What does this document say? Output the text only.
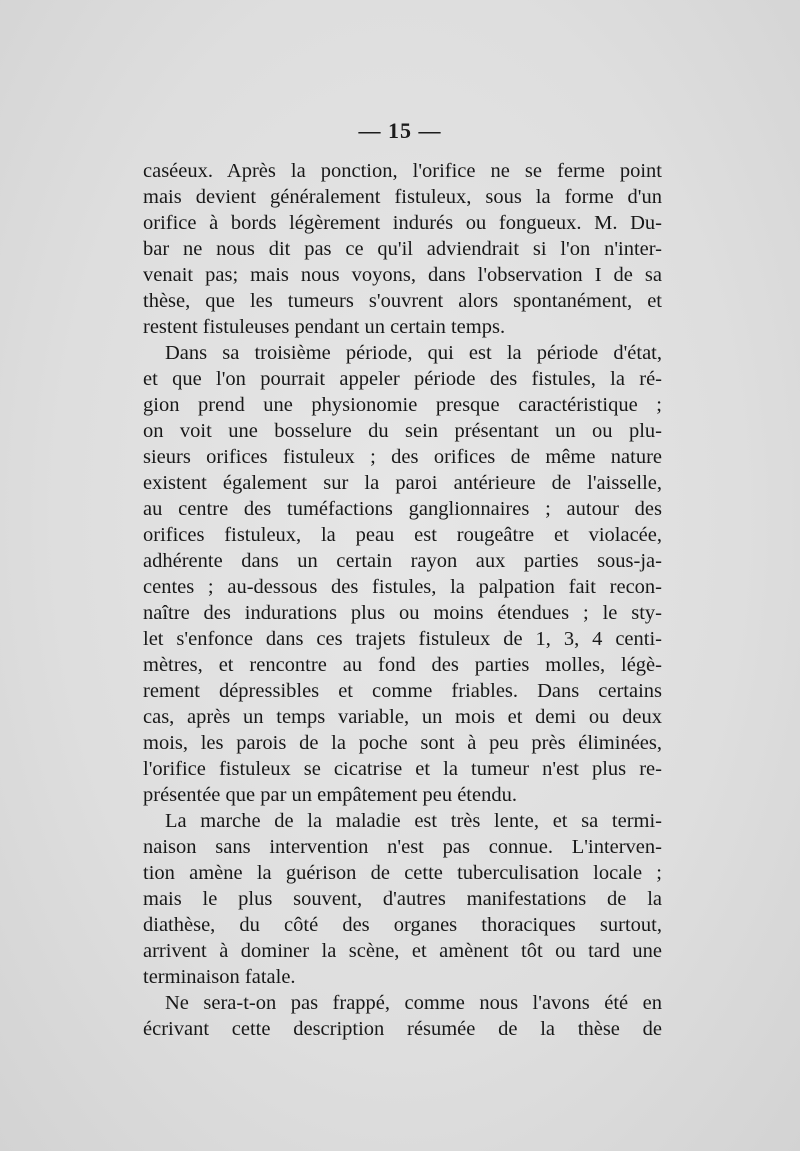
— 15 —

caséeux. Après la ponction, l'orifice ne se ferme point
mais devient généralement fistuleux, sous la forme d'un
orifice à bords légèrement indurés ou fongueux. M. Du-
bar ne nous dit pas ce qu'il adviendrait si l'on n'inter-
venait pas; mais nous voyons, dans l'observation I de sa
thèse, que les tumeurs s'ouvrent alors spontanément, et
restent fistuleuses pendant un certain temps.

Dans sa troisième période, qui est la période d'état,
et que l'on pourrait appeler période des fistules, la ré-
gion prend une physionomie presque caractéristique ;
on voit une bosselure du sein présentant un ou plu-
sieurs orifices fistuleux ; des orifices de même nature
existent également sur la paroi antérieure de l'aisselle,
au centre des tuméfactions ganglionnaires ; autour des
orifices fistuleux, la peau est rougeâtre et violacée,
adhérente dans un certain rayon aux parties sous-ja-
centes ; au-dessous des fistules, la palpation fait recon-
naître des indurations plus ou moins étendues ; le sty-
let s'enfonce dans ces trajets fistuleux de 1, 3, 4 centi-
mètres, et rencontre au fond des parties molles, légè-
rement dépressibles et comme friables. Dans certains
cas, après un temps variable, un mois et demi ou deux
mois, les parois de la poche sont à peu près éliminées,
l'orifice fistuleux se cicatrise et la tumeur n'est plus re-
présentée que par un empâtement peu étendu.

La marche de la maladie est très lente, et sa termi-
naison sans intervention n'est pas connue. L'interven-
tion amène la guérison de cette tuberculisation locale ;
mais le plus souvent, d'autres manifestations de la
diathèse, du côté des organes thoraciques surtout,
arrivent à dominer la scène, et amènent tôt ou tard une
terminaison fatale.

Ne sera-t-on pas frappé, comme nous l'avons été en
écrivant cette description résumée de la thèse de
